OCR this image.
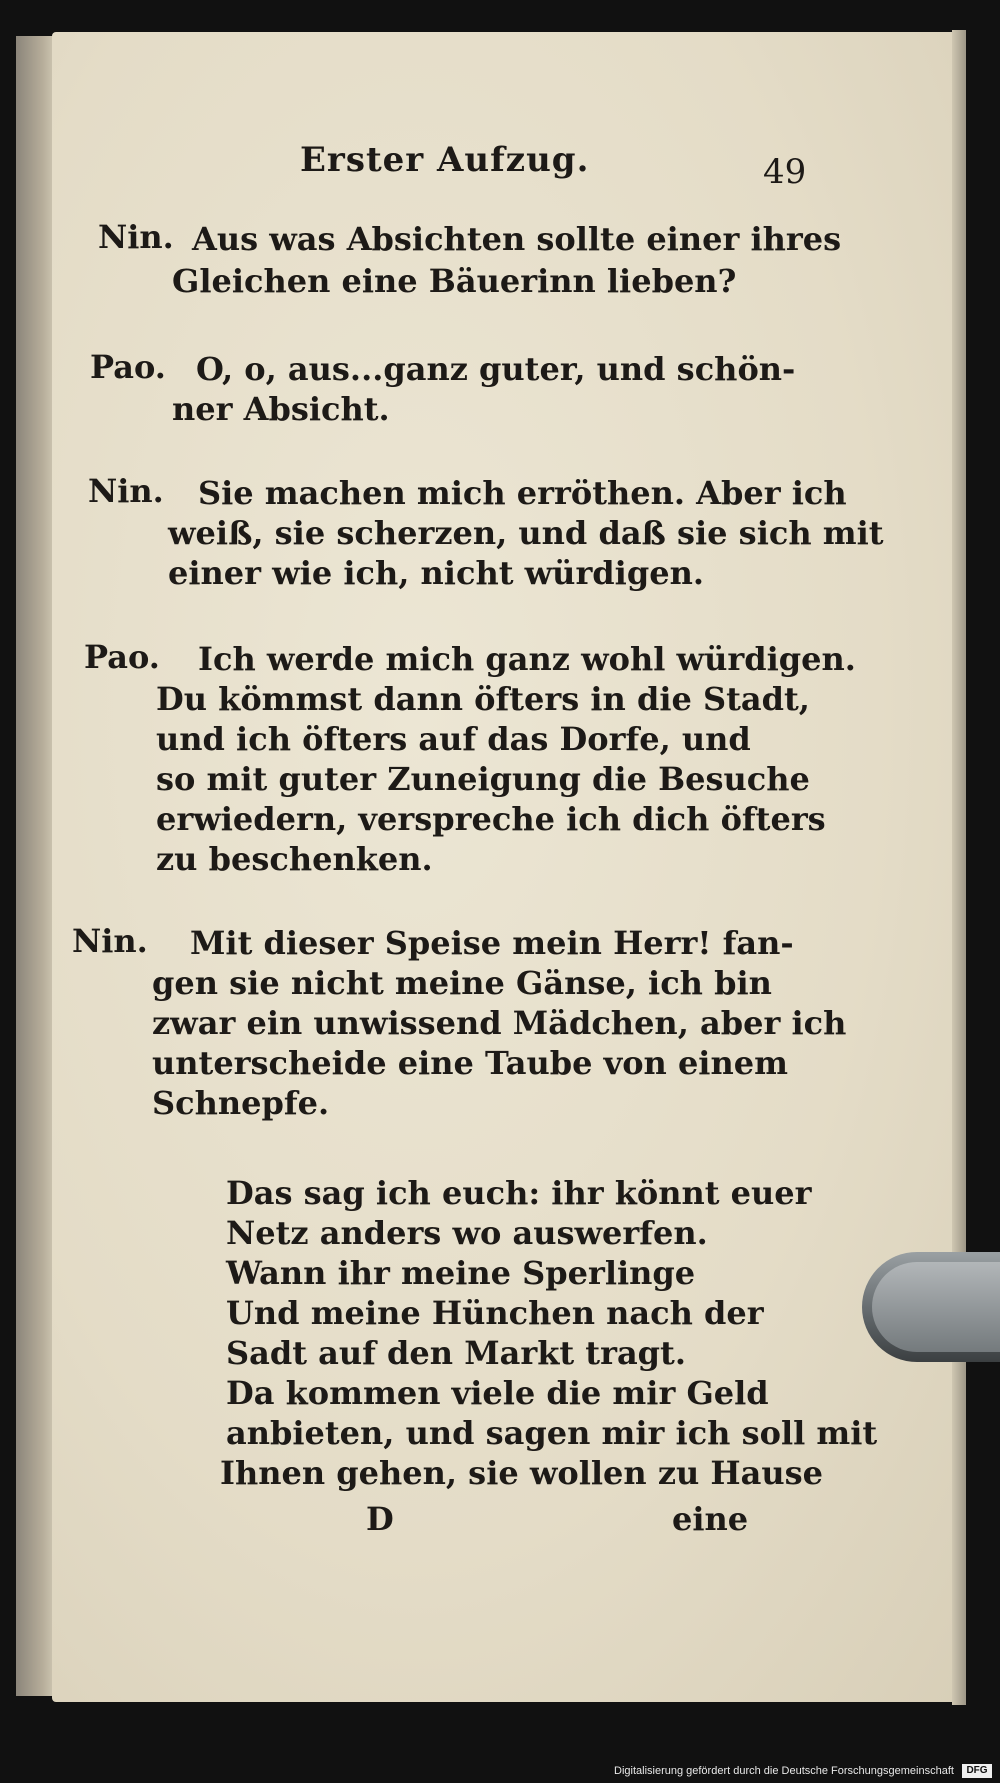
Erster Aufzug.	49
Nin. Aus was Absichten sollte einer ihres
Gleichen eine Bäuerinn lieben?
Pao. O, o, aus...ganz guter, und schön-
ner Absicht.
Nin. Sie machen mich erröthen. Aber ich
weiß, sie scherzen, und daß sie sich mit
einer wie ich, nicht würdigen.
Pao. Ich werde mich ganz wohl würdigen.
Du kömmst dann öfters in die Stadt,
und ich öfters auf das Dorfe, und
so mit guter Zuneigung die Besuche
erwiedern, verspreche ich dich öfters
zu beschenken.
Nin. Mit dieser Speise mein Herr! fan-
gen sie nicht meine Gänse, ich bin
zwar ein unwissend Mädchen, aber ich
unterscheide eine Taube von einem
Schnepfe.
Das sag ich euch: ihr könnt euer
Netz anders wo auswerfen.
Wann ihr meine Sperlinge
Und meine Hünchen nach der
Sadt auf den Markt tragt.
Da kommen viele die mir Geld
anbieten, und sagen mir ich soll mit
Ihnen gehen, sie wollen zu Hause
D	eine
Digitalisierung gefördert durch die Deutsche Forschungsgemeinschaft	DFG
